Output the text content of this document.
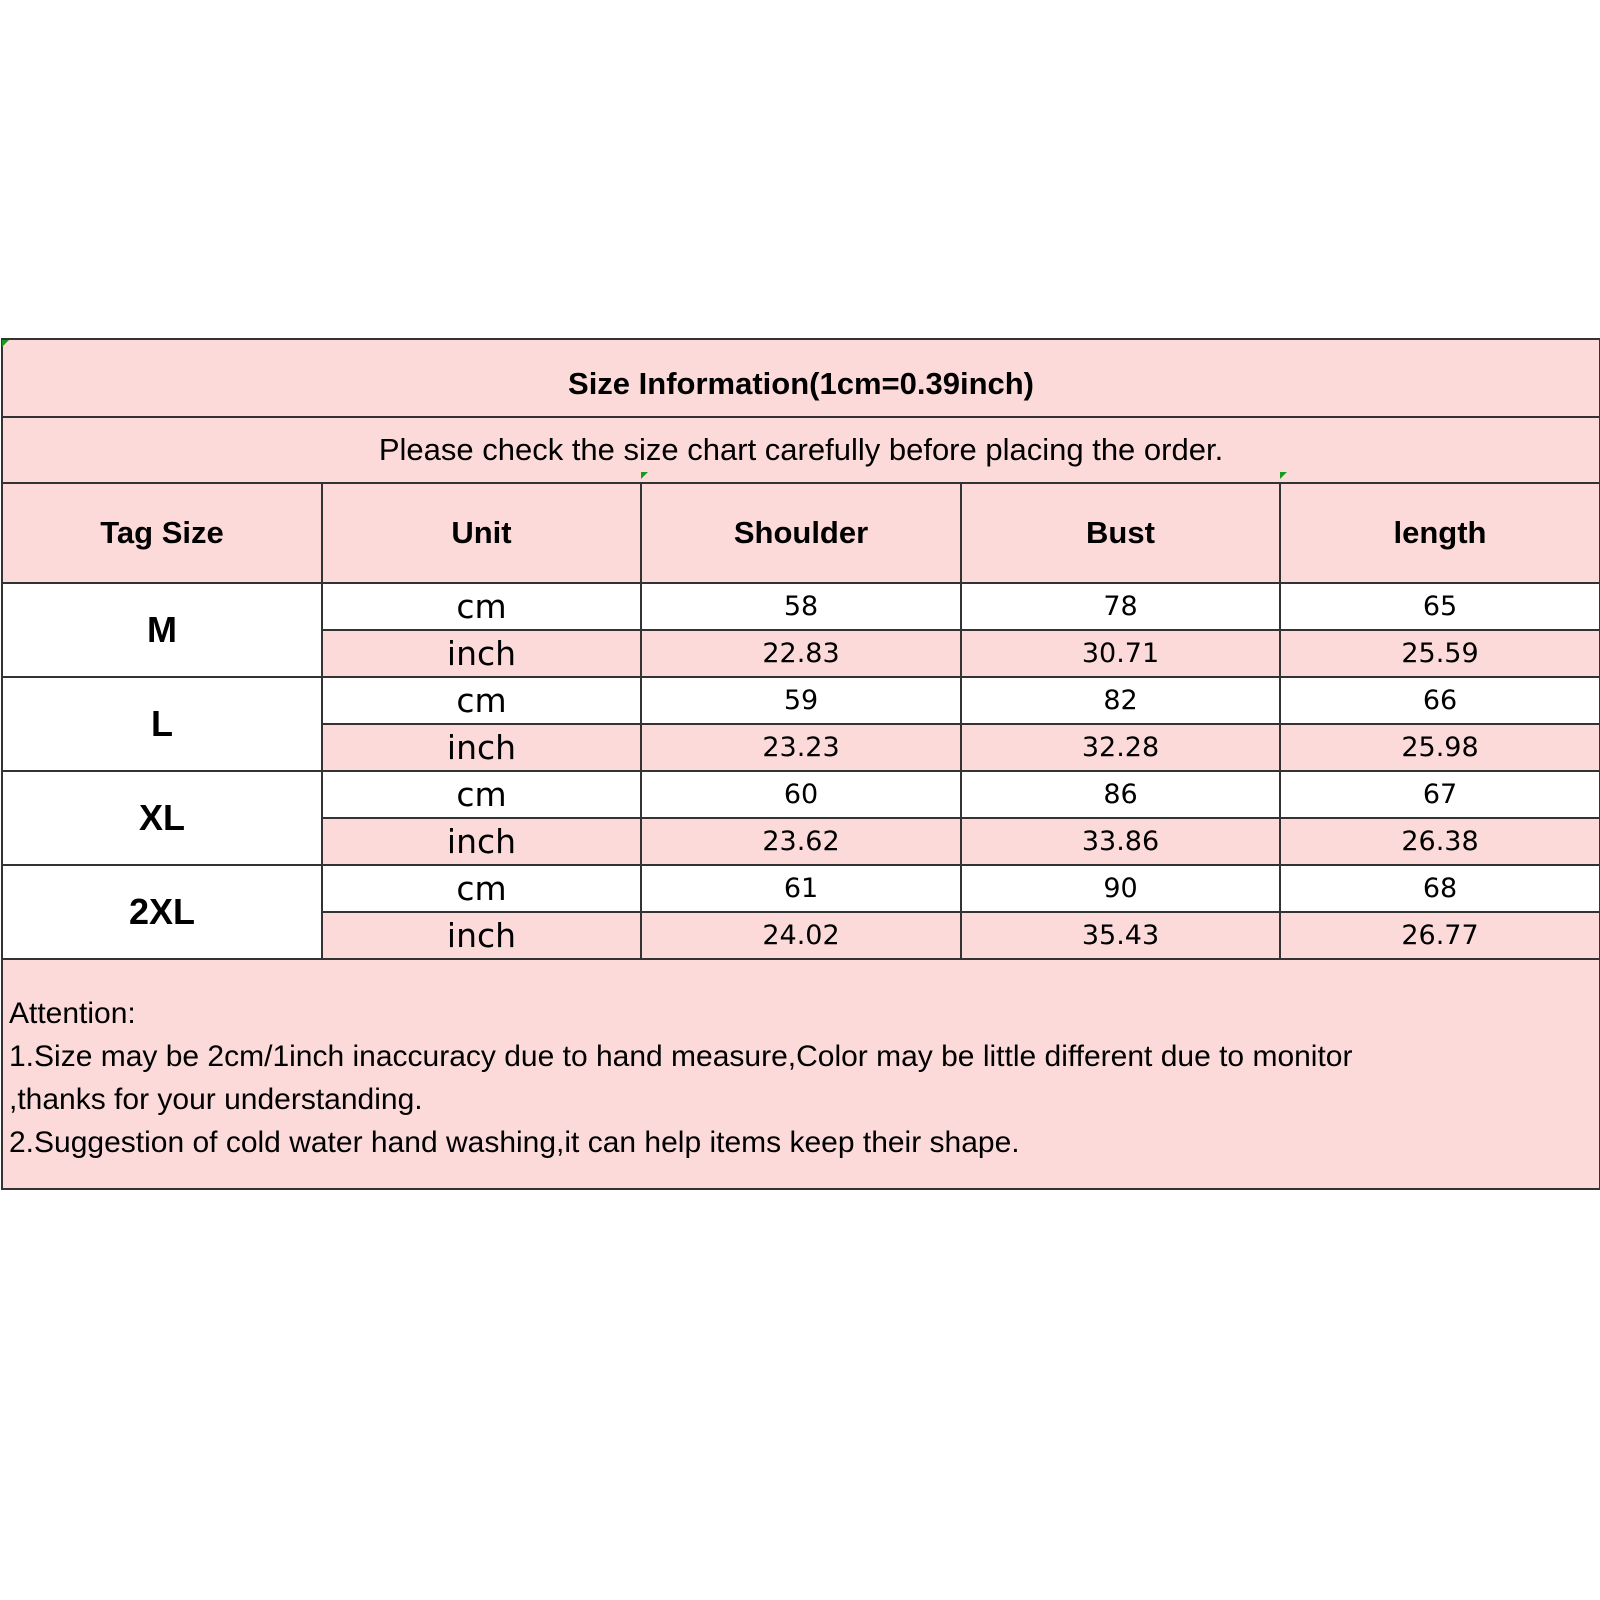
Size Information(1cm=0.39inch)				
Please check the size chart carefully before placing the order.				
Tag Size	Unit	Shoulder	Bust	length
M	cm	58	78	65
	inch	22.83	30.71	25.59
L	cm	59	82	66
	inch	23.23	32.28	25.98
XL	cm	60	86	67
	inch	23.62	33.86	26.38
2XL	cm	61	90	68
	inch	24.02	35.43	26.77

Attention:
1.Size may be 2cm/1inch inaccuracy due to hand measure,Color may be little different due to monitor
,thanks for your understanding.
2.Suggestion of cold water hand washing,it can help items keep their shape.				
